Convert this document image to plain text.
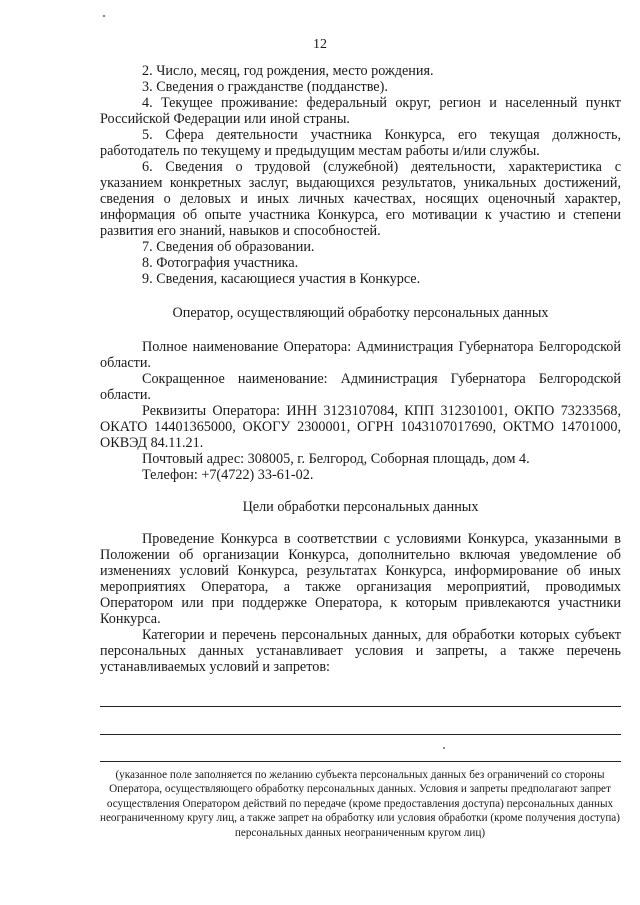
12

2. Число, месяц, год рождения, место рождения.

3. Сведения о гражданстве (подданстве).

4. Текущее проживание: федеральный округ, регион и населенный пункт Российской Федерации или иной страны.

5. Сфера деятельности участника Конкурса, его текущая должность, работодатель по текущему и предыдущим местам работы и/или службы.

6. Сведения о трудовой (служебной) деятельности, характеристика с указанием конкретных заслуг, выдающихся результатов, уникальных достижений, сведения о деловых и иных личных качествах, носящих оценочный характер, информация об опыте участника Конкурса, его мотивации к участию и степени развития его знаний, навыков и способностей.

7. Сведения об образовании.

8. Фотография участника.

9. Сведения, касающиеся участия в Конкурсе.

Оператор, осуществляющий обработку персональных данных

Полное наименование Оператора: Администрация Губернатора Белгородской области.

Сокращенное наименование: Администрация Губернатора Белгородской области.

Реквизиты Оператора: ИНН 3123107084, КПП 312301001, ОКПО 73233568, ОКАТО 14401365000, ОКОГУ 2300001, ОГРН 1043107017690, ОКТМО 14701000, ОКВЭД 84.11.21.

Почтовый адрес: 308005, г. Белгород, Соборная площадь, дом 4.

Телефон: +7(4722) 33-61-02.

Цели обработки персональных данных

Проведение Конкурса в соответствии с условиями Конкурса, указанными в Положении об организации Конкурса, дополнительно включая уведомление об изменениях условий Конкурса, результатах Конкурса, информирование об иных мероприятиях Оператора, а также организация мероприятий, проводимых Оператором или при поддержке Оператора, к которым привлекаются участники Конкурса.

Категории и перечень персональных данных, для обработки которых субъект персональных данных устанавливает условия и запреты, а также перечень устанавливаемых условий и запретов:

(указанное поле заполняется по желанию субъекта персональных данных без ограничений со стороны Оператора, осуществляющего обработку персональных данных. Условия и запреты предполагают запрет осуществления Оператором действий по передаче (кроме предоставления доступа) персональных данных неограниченному кругу лиц, а также запрет на обработку или условия обработки (кроме получения доступа) персональных данных неограниченным кругом лиц)
